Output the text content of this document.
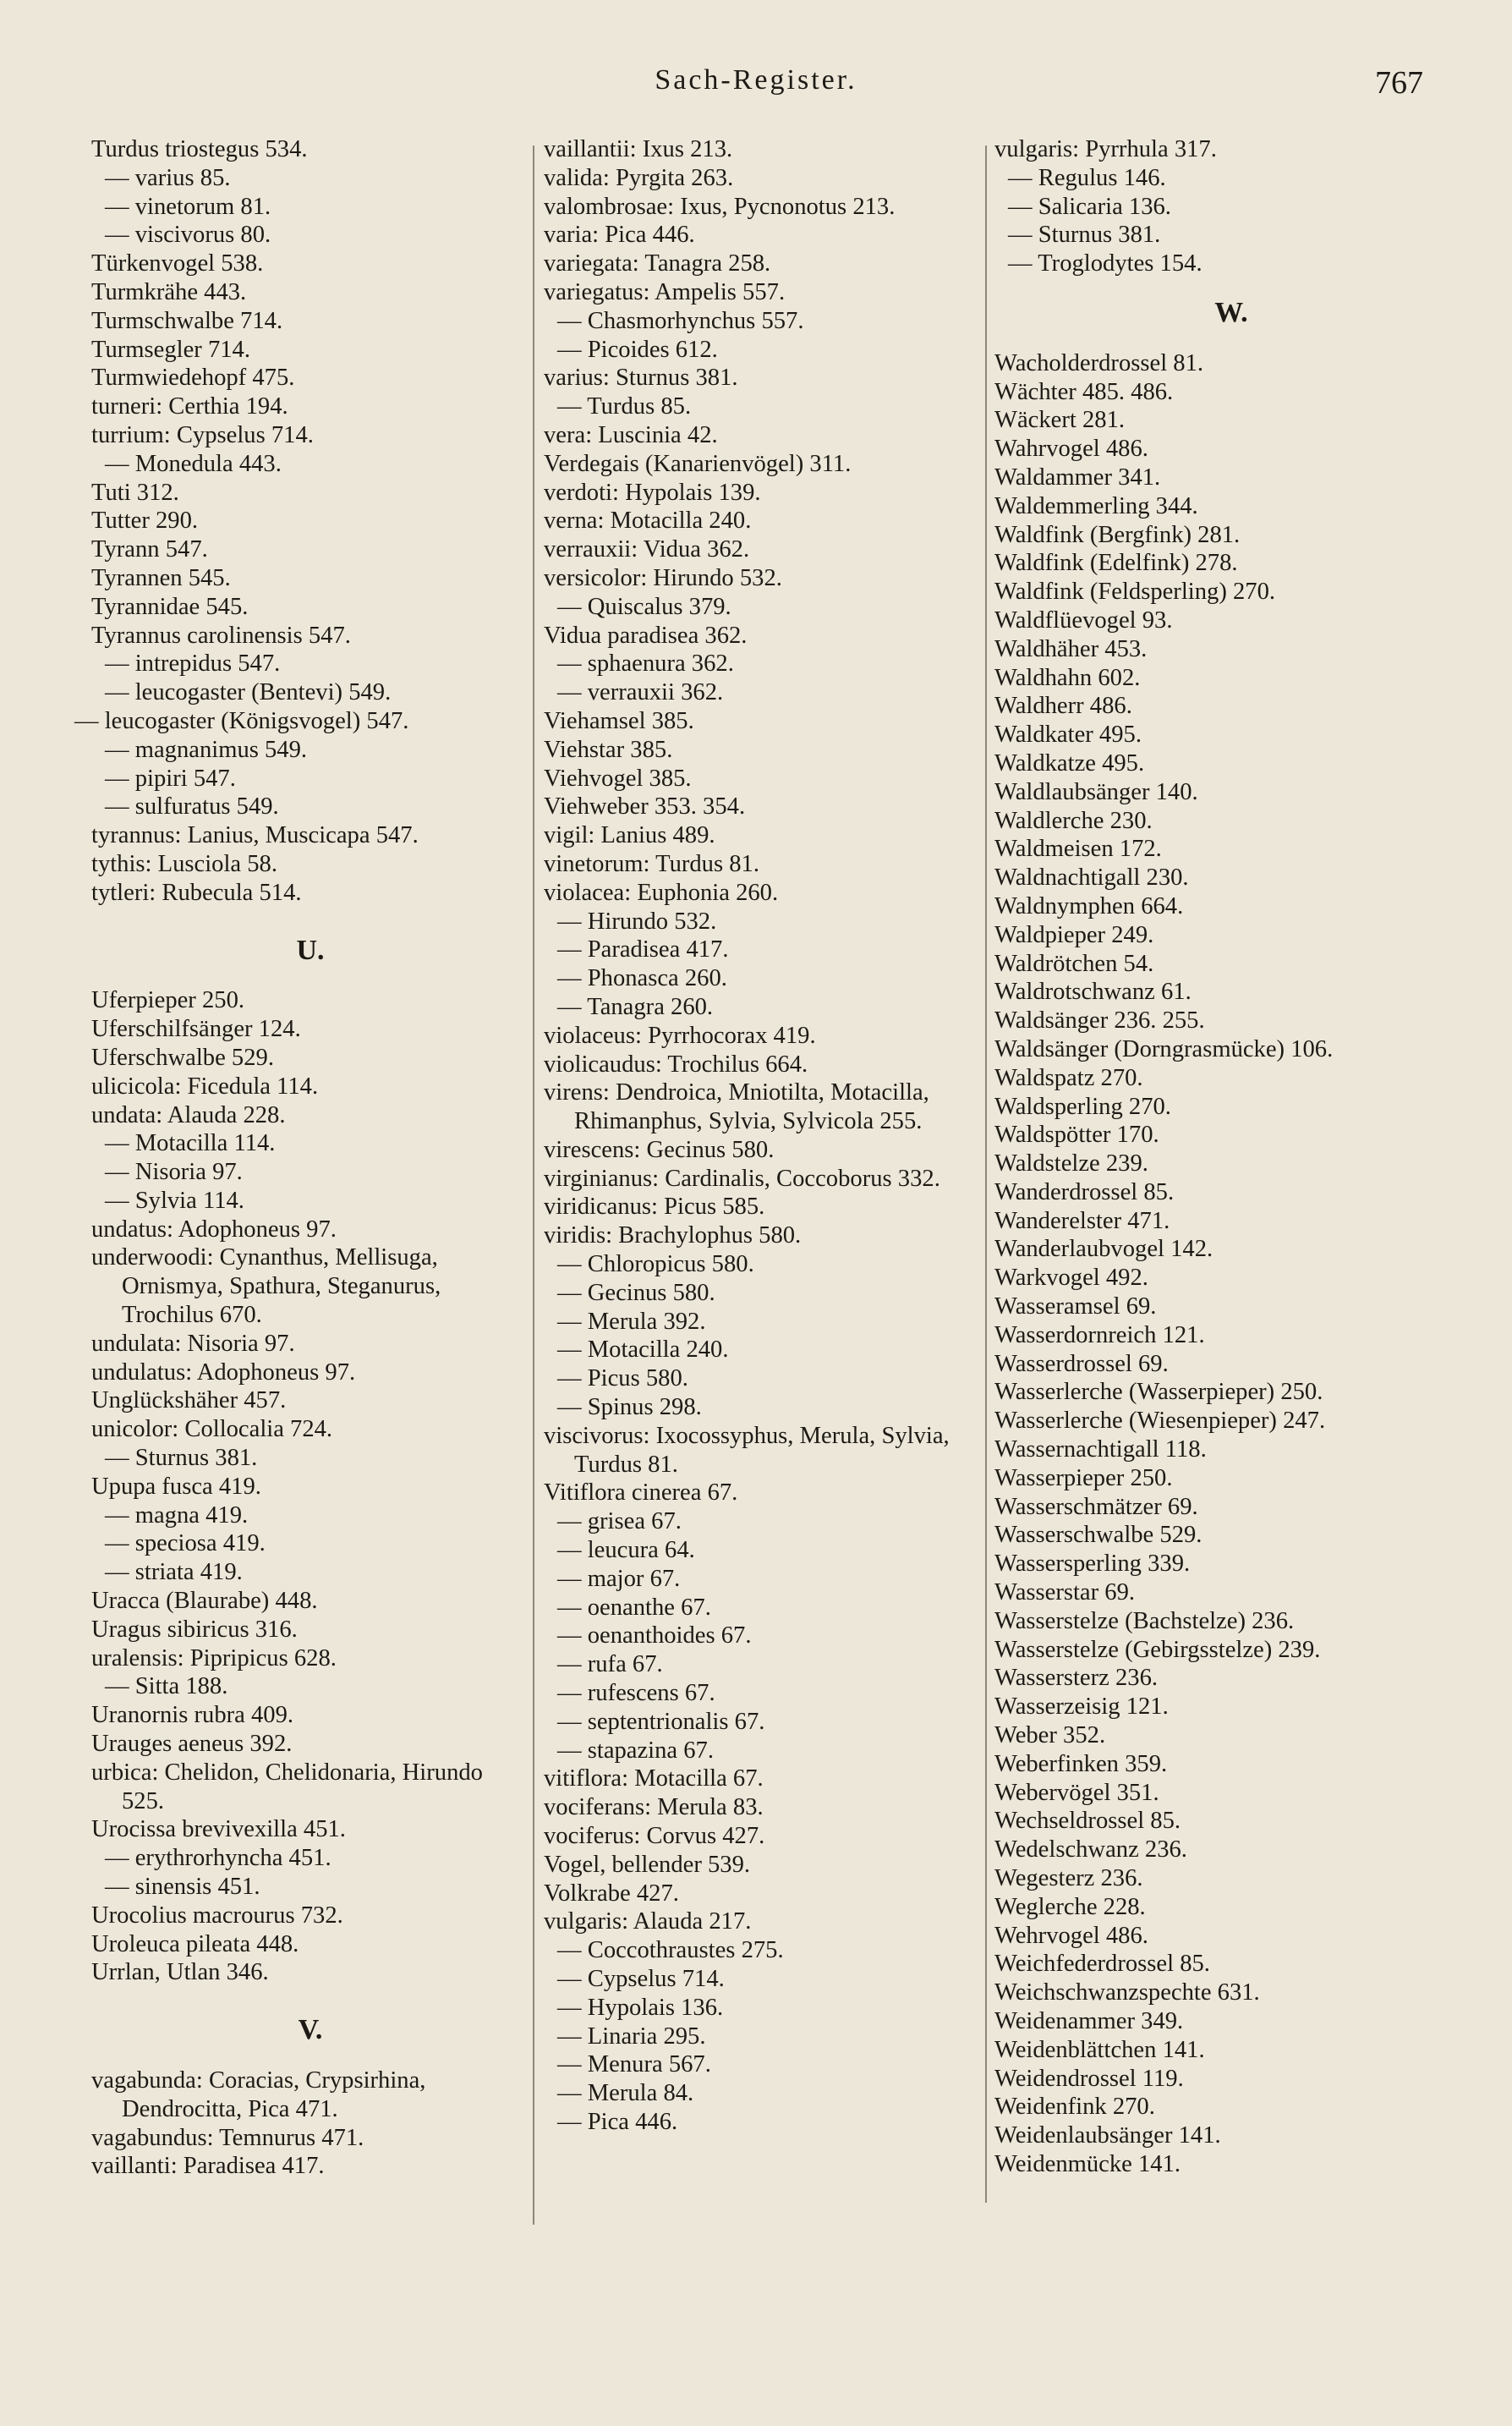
Sach-Register.	767
Turdus triostegus 534.
— varius 85.
— vinetorum 81.
— viscivorus 80.
Türkenvogel 538.
Turmkrähe 443.
Turmschwalbe 714.
Turmsegler 714.
Turmwiedehopf 475.
turneri: Certhia 194.
turrium: Cypselus 714.
— Monedula 443.
Tuti 312.
Tutter 290.
Tyrann 547.
Tyrannen 545.
Tyrannidae 545.
Tyrannus carolinensis 547.
— intrepidus 547.
— leucogaster (Bentevi) 549.
— leucogaster (Königsvogel) 547.
— magnanimus 549.
— pipiri 547.
— sulfuratus 549.
tyrannus: Lanius, Muscicapa 547.
tythis: Lusciola 58.
tytleri: Rubecula 514.
U.
Uferpieper 250.
Uferschilfsänger 124.
Uferschwalbe 529.
ulicicola: Ficedula 114.
undata: Alauda 228.
— Motacilla 114.
— Nisoria 97.
— Sylvia 114.
undatus: Adophoneus 97.
underwoodi: Cynanthus, Mellisuga, Ornismya, Spathura, Steganurus, Trochilus 670.
undulata: Nisoria 97.
undulatus: Adophoneus 97.
Unglückshäher 457.
unicolor: Collocalia 724.
— Sturnus 381.
Upupa fusca 419.
— magna 419.
— speciosa 419.
— striata 419.
Uracca (Blaurabe) 448.
Uragus sibiricus 316.
uralensis: Pipripicus 628.
— Sitta 188.
Uranornis rubra 409.
Urauges aeneus 392.
urbica: Chelidon, Chelidonaria, Hirundo 525.
Urocissa brevivexilla 451.
— erythrorhyncha 451.
— sinensis 451.
Urocolius macrourus 732.
Uroleuca pileata 448.
Urrlan, Utlan 346.
V.
vagabunda: Coracias, Crypsirhina, Dendrocitta, Pica 471.
vagabundus: Temnurus 471.
vaillanti: Paradisea 417.
vaillantii: Ixus 213.
valida: Pyrgita 263.
valombrosae: Ixus, Pycnonotus 213.
varia: Pica 446.
variegata: Tanagra 258.
variegatus: Ampelis 557.
— Chasmorhynchus 557.
— Picoides 612.
varius: Sturnus 381.
— Turdus 85.
vera: Luscinia 42.
Verdegais (Kanarienvögel) 311.
verdoti: Hypolais 139.
verna: Motacilla 240.
verrauxii: Vidua 362.
versicolor: Hirundo 532.
— Quiscalus 379.
Vidua paradisea 362.
— sphaenura 362.
— verrauxii 362.
Viehamsel 385.
Viehstar 385.
Viehvogel 385.
Viehweber 353. 354.
vigil: Lanius 489.
vinetorum: Turdus 81.
violacea: Euphonia 260.
— Hirundo 532.
— Paradisea 417.
— Phonasca 260.
— Tanagra 260.
violaceus: Pyrrhocorax 419.
violicaudus: Trochilus 664.
virens: Dendroica, Mniotilta, Motacilla, Rhimanphus, Sylvia, Sylvicola 255.
virescens: Gecinus 580.
virginianus: Cardinalis, Coccoborus 332.
viridicanus: Picus 585.
viridis: Brachylophus 580.
— Chloropicus 580.
— Gecinus 580.
— Merula 392.
— Motacilla 240.
— Picus 580.
— Spinus 298.
viscivorus: Ixocossyphus, Merula, Sylvia, Turdus 81.
Vitiflora cinerea 67.
— grisea 67.
— leucura 64.
— major 67.
— oenanthe 67.
— oenanthoides 67.
— rufa 67.
— rufescens 67.
— septentrionalis 67.
— stapazina 67.
vitiflora: Motacilla 67.
vociferans: Merula 83.
vociferus: Corvus 427.
Vogel, bellender 539.
Volkrabe 427.
vulgaris: Alauda 217.
— Coccothraustes 275.
— Cypselus 714.
— Hypolais 136.
— Linaria 295.
— Menura 567.
— Merula 84.
— Pica 446.
vulgaris: Pyrrhula 317.
— Regulus 146.
— Salicaria 136.
— Sturnus 381.
— Troglodytes 154.
W.
Wacholderdrossel 81.
Wächter 485. 486.
Wäckert 281.
Wahrvogel 486.
Waldammer 341.
Waldemmerling 344.
Waldfink (Bergfink) 281.
Waldfink (Edelfink) 278.
Waldfink (Feldsperling) 270.
Waldflüevogel 93.
Waldhäher 453.
Waldhahn 602.
Waldherr 486.
Waldkater 495.
Waldkatze 495.
Waldlaubsänger 140.
Waldlerche 230.
Waldmeisen 172.
Waldnachtigall 230.
Waldnymphen 664.
Waldpieper 249.
Waldrötchen 54.
Waldrotschwanz 61.
Waldsänger 236. 255.
Waldsänger (Dorngrasmücke) 106.
Waldspatz 270.
Waldsperling 270.
Waldspötter 170.
Waldstelze 239.
Wanderdrossel 85.
Wanderelster 471.
Wanderlaubvogel 142.
Warkvogel 492.
Wasseramsel 69.
Wasserdornreich 121.
Wasserdrossel 69.
Wasserlerche (Wasserpieper) 250.
Wasserlerche (Wiesenpieper) 247.
Wassernachtigall 118.
Wasserpieper 250.
Wasserschmätzer 69.
Wasserschwalbe 529.
Wassersperling 339.
Wasserstar 69.
Wasserstelze (Bachstelze) 236.
Wasserstelze (Gebirgsstelze) 239.
Wassersterz 236.
Wasserzeisig 121.
Weber 352.
Weberfinken 359.
Webervögel 351.
Wechseldrossel 85.
Wedelschwanz 236.
Wegesterz 236.
Weglerche 228.
Wehrvogel 486.
Weichfederdrossel 85.
Weichschwanzspechte 631.
Weidenammer 349.
Weidenblättchen 141.
Weidendrossel 119.
Weidenfink 270.
Weidenlaubsänger 141.
Weidenmücke 141.
